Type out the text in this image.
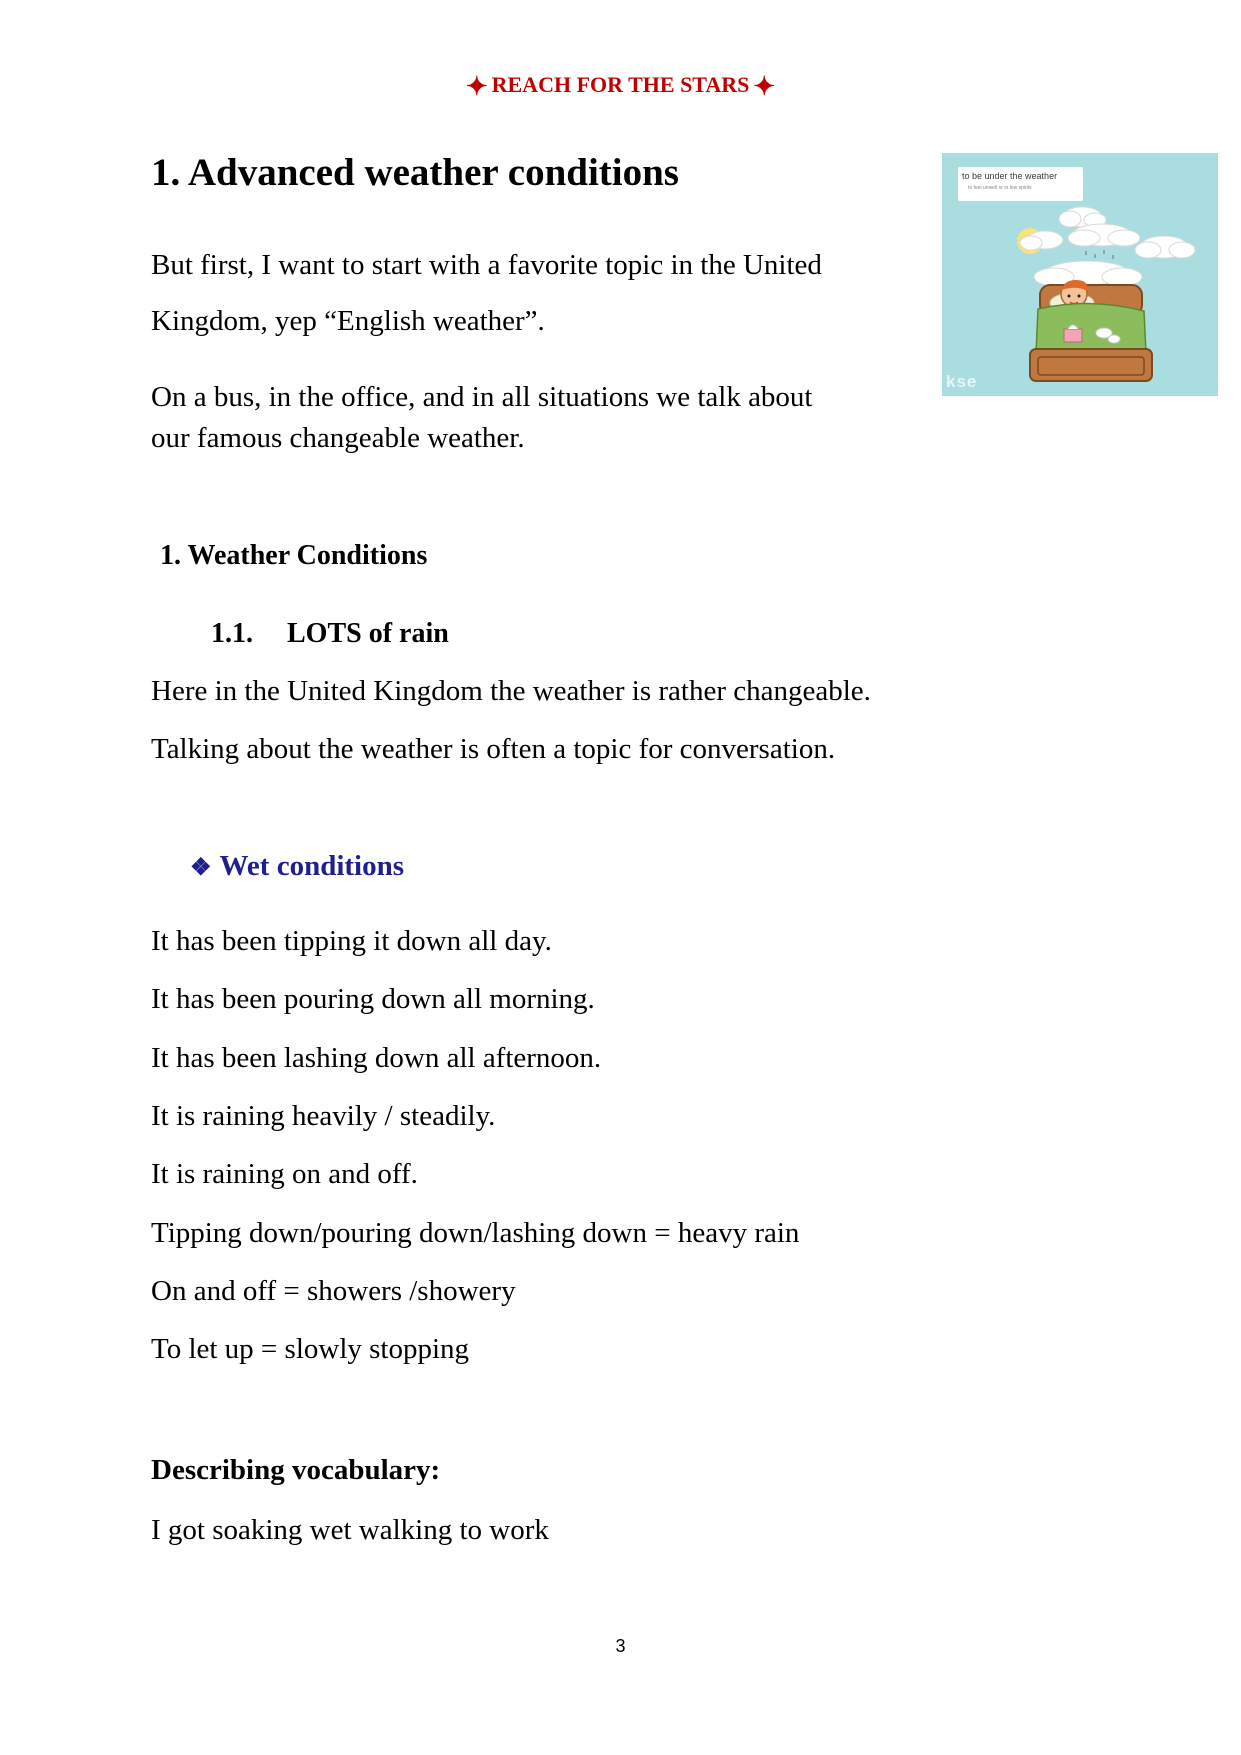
✦ REACH FOR THE STARS ✦
1. Advanced weather conditions

But first, I want to start with a favorite topic in the United

Kingdom, yep “English weather”.

On a bus, in the office, and in all situations we talk about

our famous changeable weather.

to be under the weather
to feel unwell or in low spirits
kse
1. Weather Conditions
1.1. LOTS of rain

Here in the United Kingdom the weather is rather changeable.

Talking about the weather is often a topic for conversation.

❖ Wet conditions

It has been tipping it down all day.

It has been pouring down all morning.

It has been lashing down all afternoon.

It is raining heavily / steadily.

It is raining on and off.

Tipping down/pouring down/lashing down = heavy rain

On and off = showers /showery

To let up = slowly stopping

Describing vocabulary:

I got soaking wet walking to work

3
